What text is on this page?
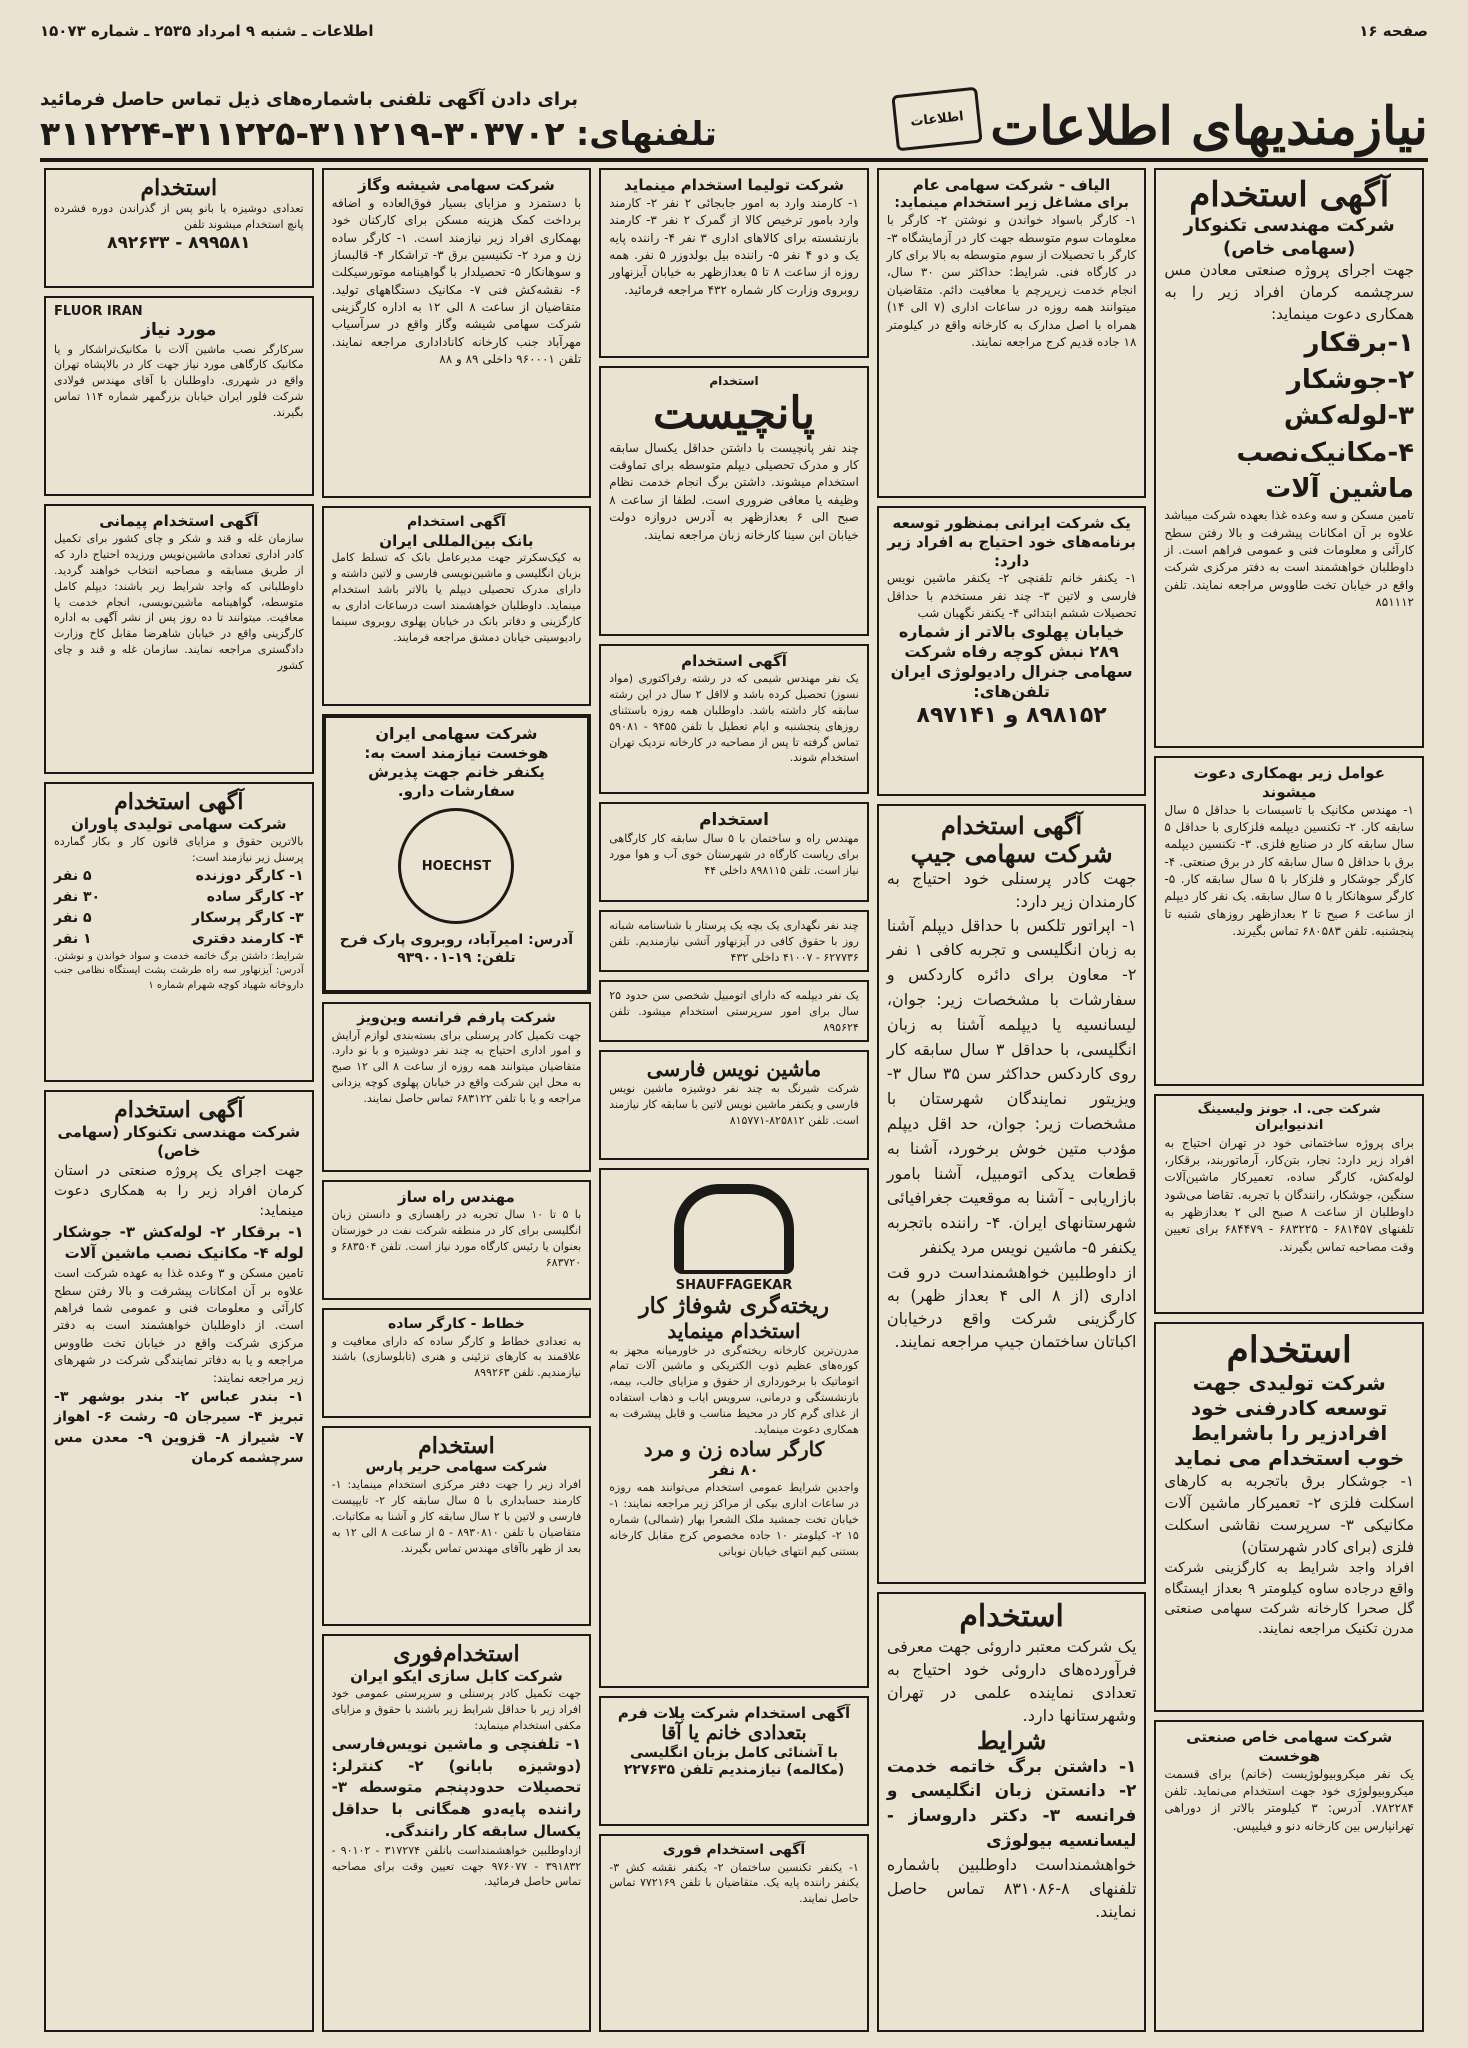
صفحه ۱۶
اطلاعات ـ شنبه ۹ امرداد ۲۵۳۵ ـ شماره ۱۵۰۷۳
نیازمندیهای اطلاعات
اطلاعات
برای دادن آگهی تلفنی باشماره‌های ذیل تماس حاصل فرمائید
تلفنهای: ۳۰۳۷۰۲-۳۱۱۲۱۹-۳۱۱۲۲۵-۳۱۱۲۲۴
آگهی استخدام
شرکت مهندسی تکنوکار (سهامی خاص)
جهت اجرای پروژه صنعتی معادن مس سرچشمه کرمان افراد زیر را به همکاری دعوت مینماید:
۱-برقکار
۲-جوشکار
۳-لوله‌کش
۴-مکانیک‌نصب ماشین آلات
تامین مسکن و سه وعده غذا بعهده شرکت میباشد علاوه بر آن امکانات پیشرفت و بالا رفتن سطح کارآئی و معلومات فنی و عمومی فراهم است. از داوطلبان خواهشمند است به دفتر مرکزی شرکت واقع در خیابان تخت طاووس مراجعه نمایند. تلفن ۸۵۱۱۱۲
عوامل زیر بهمکاری دعوت میشوند
۱- مهندس مکانیک با تاسیسات با حداقل ۵ سال سابقه کار. ۲- تکنسین دیپلمه فلزکاری با حداقل ۵ سال سابقه کار در صنایع فلزی. ۳- تکنسین دیپلمه برق با حداقل ۵ سال سابقه کار در برق صنعتی. ۴- کارگر جوشکار و فلزکار با ۵ سال سابقه کار. ۵- کارگر سوهانکار با ۵ سال سابقه. یک نفر کار دیپلم از ساعت ۶ صبح تا ۲ بعدازظهر روزهای شنبه تا پنجشنبه. تلفن ۶۸۰۵۸۳ تماس بگیرند.
شرکت جی. ا. جونز ولیسینگ اندنیوایران
برای پروژه ساختمانی خود در تهران احتیاج به افراد زیر دارد: نجار، بتن‌کار، آرماتوربند، برقکار، لوله‌کش، کارگر ساده، تعمیرکار ماشین‌آلات سنگین، جوشکار، رانندگان با تجربه. تقاضا می‌شود داوطلبان از ساعت ۸ صبح الی ۲ بعدازظهر به تلفنهای ۶۸۱۴۵۷ - ۶۸۳۲۲۵ - ۶۸۴۴۷۹ برای تعیین وقت مصاحبه تماس بگیرند.
استخدام
شرکت تولیدی جهت
توسعه کادرفنی خود
افرادزیر را باشرایط
خوب استخدام می نماید
۱- جوشکار برق باتجربه به کارهای اسکلت فلزی ۲- تعمیرکار ماشین آلات مکانیکی ۳- سرپرست نقاشی اسکلت فلزی (برای کادر شهرستان)
افراد واجد شرایط به کارگزینی شرکت واقع درجاده ساوه کیلومتر ۹ بعداز ایستگاه گل صحرا کارخانه شرکت سهامی صنعتی مدرن تکنیک مراجعه نمایند.
شرکت سهامی خاص صنعتی هوخست
یک نفر میکروبیولوژیست (خانم) برای قسمت میکروبیولوژی خود جهت استخدام می‌نماید. تلفن ۷۸۲۲۸۴. آدرس: ۳ کیلومتر بالاتر از دوراهی تهرانپارس بین کارخانه دنو و فیلیپس.
الیاف - شرکت سهامی عام
برای مشاغل زیر استخدام مینماید:
۱- کارگر باسواد خواندن و نوشتن ۲- کارگر با معلومات سوم متوسطه جهت کار در آزمایشگاه ۳- کارگر با تحصیلات از سوم متوسطه به بالا برای کار در کارگاه فنی. شرایط: حداکثر سن ۳۰ سال، انجام خدمت زیرپرچم یا معافیت دائم. متقاضیان میتوانند همه روزه در ساعات اداری (۷ الی ۱۴) همراه با اصل مدارک به کارخانه واقع در کیلومتر ۱۸ جاده قدیم کرج مراجعه نمایند.
یک شرکت ایرانی بمنظور توسعه برنامه‌های خود احتیاج به افراد زیر دارد:
۱- یکنفر خانم تلفنچی ۲- یکنفر ماشین نویس فارسی و لاتین ۳- چند نفر مستخدم با حداقل تحصیلات ششم ابتدائی ۴- یکنفر نگهبان شب
خیابان پهلوی بالاتر از شماره ۲۸۹ نبش کوچه رفاه شرکت سهامی جنرال رادیولوژی ایران تلفن‌های:
۸۹۸۱۵۲ و ۸۹۷۱۴۱
آگهی استخدام
شرکت سهامی جیپ
جهت کادر پرسنلی خود احتیاج به کارمندان زیر دارد:
۱- اپراتور تلکس با حداقل دیپلم آشنا به زبان انگلیسی و تجربه کافی ۱ نفر ۲- معاون برای دائره کاردکس و سفارشات با مشخصات زیر: جوان، لیسانسیه یا دیپلمه آشنا به زبان انگلیسی، با حداقل ۳ سال سابقه کار روی کاردکس حداکثر سن ۳۵ سال ۳- ویزیتور نمایندگان شهرستان با مشخصات زیر: جوان، حد اقل دیپلم مؤدب متین خوش برخورد، آشنا به قطعات یدکی اتومبیل، آشنا بامور بازاریابی - آشنا به موقعیت جغرافیائی شهرستانهای ایران. ۴- راننده باتجربه یکنفر ۵- ماشین نویس مرد یکنفر
از داوطلبین خواهشمنداست درو قت اداری (از ۸ الی ۴ بعداز ظهر) به کارگزینی شرکت واقع درخیابان اکباتان ساختمان جیپ مراجعه نمایند.
استخدام
یک شرکت معتبر داروئی جهت معرفی فرآورده‌های داروئی خود احتیاج به تعدادی نماینده علمی در تهران وشهرستانها دارد.
شرایط
۱- داشتن برگ خاتمه خدمت ۲- دانستن زبان انگلیسی و فرانسه ۳- دکتر داروساز - لیسانسیه بیولوژی
خواهشمنداست داوطلبین باشماره تلفنهای ۸-۸۳۱۰۸۶ تماس حاصل نمایند.
شرکت تولیما استخدام مینماید
۱- کارمند وارد به امور جابجائی ۲ نفر ۲- کارمند وارد بامور ترخیص کالا از گمرک ۲ نفر ۳- کارمند بازنشسته برای کالاهای اداری ۳ نفر ۴- راننده پایه یک و دو ۴ نفر ۵- راننده بیل بولدوزر ۵ نفر. همه روزه از ساعت ۸ تا ۵ بعدازظهر به خیابان آیزنهاور روبروی وزارت کار شماره ۴۳۲ مراجعه فرمائید.
استخدام
پانچیست
چند نفر پانچیست با داشتن حداقل یکسال سابقه کار و مدرک تحصیلی دیپلم متوسطه برای تماوقت استخدام میشوند. داشتن برگ انجام خدمت نظام وظیفه یا معافی ضروری است. لطفا از ساعت ۸ صبح الی ۶ بعدازظهر به آدرس دروازه دولت خیابان ابن سینا کارخانه زبان مراجعه نمایند.
آگهی استخدام
یک نفر مهندس شیمی که در رشته رفراکتوری (مواد نسوز) تحصیل کرده باشد و لااقل ۲ سال در این رشته سابقه کار داشته باشد. داوطلبان همه روزه باستثنای روزهای پنجشنبه و ایام تعطیل با تلفن ۹۴۵۵ - ۵۹۰۸۱ تماس گرفته تا پس از مصاحبه در کارخانه نزدیک تهران استخدام شوند.
استخدام
مهندس راه و ساختمان با ۵ سال سابقه کار کارگاهی برای ریاست کارگاه در شهرستان خوی آب و هوا مورد نیاز است. تلفن ۸۹۸۱۱۵ داخلی ۴۴
چند نفر نگهداری یک بچه یک پرستار با شناسنامه شبانه روز با حقوق کافی در آیزنهاور آتشی نیازمندیم. تلفن ۶۲۷۷۳۶ - ۴۱۰۰۷ داخلی ۴۳۲
یک نفر دیپلمه که دارای اتومبیل شخصی سن حدود ۲۵ سال برای امور سرپرستی استخدام میشود. تلفن ۸۹۵۶۲۴
ماشین نویس فارسی
شرکت شیرنگ به چند نفر دوشیزه ماشین نویس فارسی و یکنفر ماشین نویس لاتین با سابقه کار نیازمند است. تلفن ۸۲۵۸۱۲-۸۱۵۷۷۱
SHAUFFAGEKAR
ریخته‌گری شوفاژ کار
استخدام مینماید
مدرن‌ترین کارخانه ریخته‌گری در خاورمیانه مجهز به کوره‌های عظیم ذوب الکتریکی و ماشین آلات تمام اتوماتیک با برخورداری از حقوق و مزایای جالب، بیمه، بازنشستگی و درمانی، سرویس ایاب و ذهاب استفاده از غذای گرم کار در محیط مناسب و قابل پیشرفت به همکاری دعوت مینماید.
کارگر ساده زن و مرد
۸۰ نفر
واجدین شرایط عمومی استخدام می‌توانند همه روزه در ساعات اداری بیکی از مراکز زیر مراجعه نمایند: ۱- خیابان تخت جمشید ملک الشعرا بهار (شمالی) شماره ۱۵ ۲- کیلومتر ۱۰ جاده مخصوص کرج مقابل کارخانه بستنی کیم انتهای خیابان نوبانی
آگهی استخدام شرکت پلات فرم
بتعدادی خانم یا آقا
با آشنائی کامل بزبان انگلیسی (مکالمه) نیازمندیم تلفن ۲۲۷۶۳۵
آگهی استخدام فوری
۱- یکنفر تکنسین ساختمان ۲- یکنفر نقشه کش ۳- یکنفر راننده پایه یک. متقاضیان با تلفن ۷۷۲۱۶۹ تماس حاصل نمایند.
شرکت سهامی شیشه وگاز
با دستمزد و مزایای بسیار فوق‌العاده و اضافه برداخت کمک هزینه مسکن برای کارکنان خود بهمکاری افراد زیر نیازمند است. ۱- کارگر ساده زن و مرد ۲- تکنیسین برق ۳- تراشکار ۴- قالبساز و سوهانکار ۵- تحصیلدار با گواهینامه موتورسیکلت ۶- نقشه‌کش فنی ۷- مکانیک دستگاههای تولید. متقاضیان از ساعت ۸ الی ۱۲ به اداره کارگزینی شرکت سهامی شیشه وگاز واقع در سرآسیاب مهرآباد جنب کارخانه کاناداداری مراجعه نمایند. تلفن ۹۶۰۰۰۱ داخلی ۸۹ و ۸۸
آگهی استخدام
بانک بین‌المللی ایران
به کیک‌سکرتر جهت مدیرعامل بانک که تسلط کامل بزبان انگلیسی و ماشین‌نویسی فارسی و لاتین داشته و دارای مدرک تحصیلی دیپلم یا بالاتر باشد استخدام مینماید. داوطلبان خواهشمند است درساعات اداری به کارگزینی و دفاتر بانک در خیابان پهلوی روبروی سینما رادیوسیتی خیابان دمشق مراجعه فرمایند.
شرکت سهامی ایران
هوخست نیازمند است به:
یکنفر خانم جهت پذیرش سفارشات دارو.
HOECHST
آدرس: امیرآباد، روبروی پارک فرح
تلفن: ۱۹-۹۳۹۰۰۱
شرکت پارفم فرانسه وین‌ویز
جهت تکمیل کادر پرسنلی برای بسته‌بندی لوازم آرایش و امور اداری احتیاج به چند نفر دوشیزه و با نو دارد. متقاضیان میتوانند همه روزه از ساعت ۸ الی ۱۲ صبح به محل این شرکت واقع در خیابان پهلوی کوچه یزدانی مراجعه و یا با تلفن ۶۸۳۱۲۲ تماس حاصل نمایند.
مهندس راه ساز
با ۵ تا ۱۰ سال تجربه در راهسازی و دانستن زبان انگلیسی برای کار در منطقه شرکت نفت در خوزستان بعنوان یا رئیس کارگاه مورد نیاز است. تلفن ۶۸۳۵۰۴ و ۶۸۳۷۲۰
خطاط - کارگر ساده
به تعدادی خطاط و کارگر ساده که دارای معافیت و علاقمند به کارهای تزئینی و هنری (تابلوسازی) باشند نیازمندیم. تلفن ۸۹۹۲۶۳
استخدام
شرکت سهامی حریر پارس
افراد زیر را جهت دفتر مرکزی استخدام مینماید: ۱- کارمند حسابداری با ۵ سال سابقه کار ۲- تایپیست فارسی و لاتین با ۲ سال سابقه کار و آشنا به مکاتبات. متقاضیان با تلفن ۸۹۳۰۸۱۰ - ۵ از ساعت ۸ الی ۱۲ به بعد از ظهر باآقای مهندس تماس بگیرند.
استخدام‌فوری
شرکت کابل سازی ایکو ایران
جهت تکمیل کادر پرسنلی و سرپرستی عمومی خود افراد زیر با حداقل شرایط زیر باشند با حقوق و مزایای مکفی استخدام مینماید:
۱- تلفنچی و ماشین نویس‌فارسی (دوشیزه بابانو) ۲- کنترلر: تحصیلات حدودپنجم متوسطه ۳- راننده پایه‌دو همگانی با حداقل یکسال سابقه کار رانندگی.
ازداوطلبین خواهشمنداست بانلفن ۳۱۷۲۷۴ - ۹۰۱۰۲ - ۳۹۱۸۳۲ - ۹۷۶۰۷۷ جهت تعیین وقت برای مصاحبه تماس حاصل فرمائید.
استخدام
تعدادی دوشیزه یا بانو پس از گذراندن دوره فشرده پانچ استخدام میشوند تلفن
۸۹۹۵۸۱ - ۸۹۲۶۳۳
FLUOR IRAN
مورد نیاز
سرکارگر نصب ماشین آلات با مکانیک‌تراشکار و یا مکانیک کارگاهی مورد نیاز جهت کار در بالاپشاه تهران واقع در شهرری. داوطلبان با آقای مهندس فولادی شرکت فلور ایران خیابان بزرگمهر شماره ۱۱۴ تماس بگیرند.
آگهی استخدام پیمانی
سازمان غله و قند و شکر و چای کشور برای تکمیل کادر اداری تعدادی ماشین‌نویس ورزیده احتیاج دارد که از طریق مسابقه و مصاحبه انتخاب خواهند گردید. داوطلبانی که واجد شرایط زیر باشند: دیپلم کامل متوسطه، گواهینامه ماشین‌نویسی، انجام خدمت یا معافیت. میتوانند تا ده روز پس از نشر آگهی به اداره کارگزینی واقع در خیابان شاهرضا مقابل کاخ وزارت دادگستری مراجعه نمایند. سازمان غله و قند و چای کشور
آگهی استخدام
شرکت سهامی تولیدی پاوران
بالاترین حقوق و مزایای قانون کار و بکار گمارده پرسنل زیر نیازمند است:
۱- کارگر دوزنده
۵ نفر
۲- کارگر ساده
۳۰ نفر
۳- کارگر پرسکار
۵ نفر
۴- کارمند دفتری
۱ نفر
شرایط: داشتن برگ خاتمه خدمت و سواد خواندن و نوشتن. آدرس: آیزنهاور سه راه طرشت پشت ایستگاه نظامی جنب داروخانه شهیاد کوچه شهرام شماره ۱
آگهی استخدام
شرکت مهندسی تکنوکار (سهامی خاص)
جهت اجرای یک پروژه صنعتی در استان کرمان افراد زیر را به همکاری دعوت مینماید:
۱- برقکار ۲- لوله‌کش ۳- جوشکار لوله ۴- مکانیک نصب ماشین آلات
تامین مسکن و ۳ وعده غذا به عهده شرکت است علاوه بر آن امکانات پیشرفت و بالا رفتن سطح کارآئی و معلومات فنی و عمومی شما فراهم است. از داوطلبان خواهشمند است به دفتر مرکزی شرکت واقع در خیابان تخت طاووس مراجعه و یا به دفاتر نمایندگی شرکت در شهرهای زیر مراجعه نمایند:
۱- بندر عباس ۲- بندر بوشهر ۳- تبریز ۴- سیرجان ۵- رشت ۶- اهواز ۷- شیراز ۸- قزوین ۹- معدن مس سرچشمه کرمان
